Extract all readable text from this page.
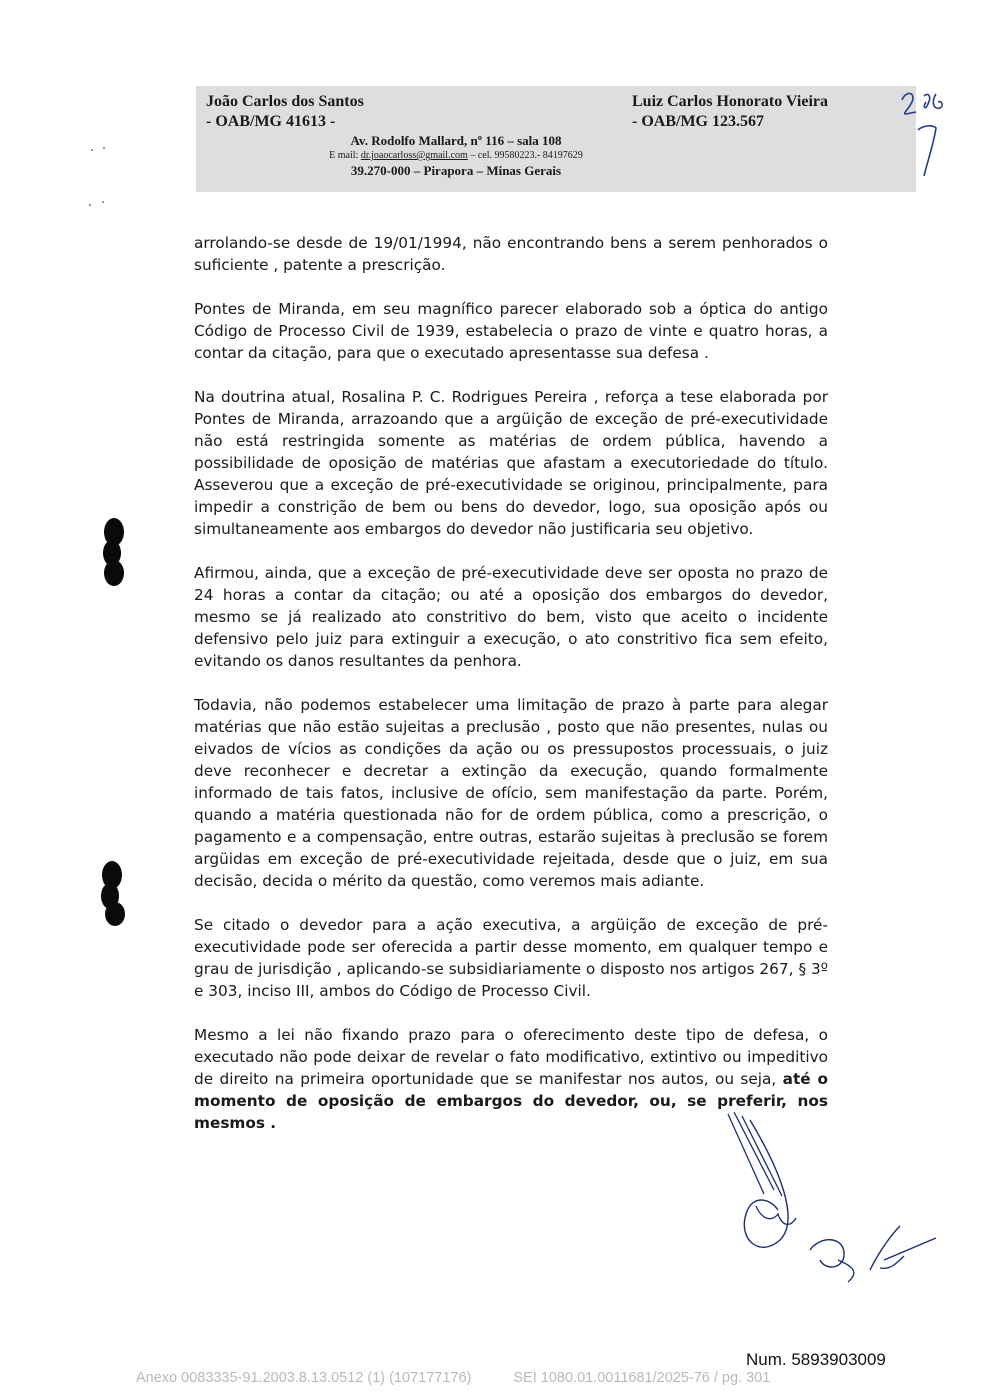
João Carlos dos Santos
- OAB/MG 41613 -
Luiz Carlos Honorato Vieira
- OAB/MG 123.567
Av. Rodolfo Mallard, nº 116 – sala 108
E mail: dr.joaocarloss@gmail.com – cel. 99580223.- 84197629
39.270-000 – Pirapora – Minas Gerais

arrolando-se desde de 19/01/1994, não encontrando bens a serem penhorados o suficiente , patente a prescrição.

Pontes de Miranda, em seu magnífico parecer elaborado sob a óptica do antigo Código de Processo Civil de 1939, estabelecia o prazo de vinte e quatro horas, a contar da citação, para que o executado apresentasse sua defesa .

Na doutrina atual, Rosalina P. C. Rodrigues Pereira , reforça a tese elaborada por Pontes de Miranda, arrazoando que a argüição de exceção de pré-executividade não está restringida somente as matérias de ordem pública, havendo a possibilidade de oposição de matérias que afastam a executoriedade do título. Asseverou que a exceção de pré-executividade se originou, principalmente, para impedir a constrição de bem ou bens do devedor, logo, sua oposição após ou simultaneamente aos embargos do devedor não justificaria seu objetivo.

Afirmou, ainda, que a exceção de pré-executividade deve ser oposta no prazo de 24 horas a contar da citação; ou até a oposição dos embargos do devedor, mesmo se já realizado ato constritivo do bem, visto que aceito o incidente defensivo pelo juiz para extinguir a execução, o ato constritivo fica sem efeito, evitando os danos resultantes da penhora.

Todavia, não podemos estabelecer uma limitação de prazo à parte para alegar matérias que não estão sujeitas a preclusão , posto que não presentes, nulas ou eivados de vícios as condições da ação ou os pressupostos processuais, o juiz deve reconhecer e decretar a extinção da execução, quando formalmente informado de tais fatos, inclusive de ofício, sem manifestação da parte. Porém, quando a matéria questionada não for de ordem pública, como a prescrição, o pagamento e a compensação, entre outras, estarão sujeitas à preclusão se forem argüidas em exceção de pré-executividade rejeitada, desde que o juiz, em sua decisão, decida o mérito da questão, como veremos mais adiante.

Se citado o devedor para a ação executiva, a argüição de exceção de pré-executividade pode ser oferecida a partir desse momento, em qualquer tempo e grau de jurisdição , aplicando-se subsidiariamente o disposto nos artigos 267, § 3º e 303, inciso III, ambos do Código de Processo Civil.

Mesmo a lei não fixando prazo para o oferecimento deste tipo de defesa, o executado não pode deixar de revelar o fato modificativo, extintivo ou impeditivo de direito na primeira oportunidade que se manifestar nos autos, ou seja, até o momento de oposição de embargos do devedor, ou, se preferir, nos mesmos .

Num. 5893903009
Anexo 0083335-91.2003.8.13.0512 (1) (107177176)	SEI 1080.01.0011681/2025-76 / pg. 301
